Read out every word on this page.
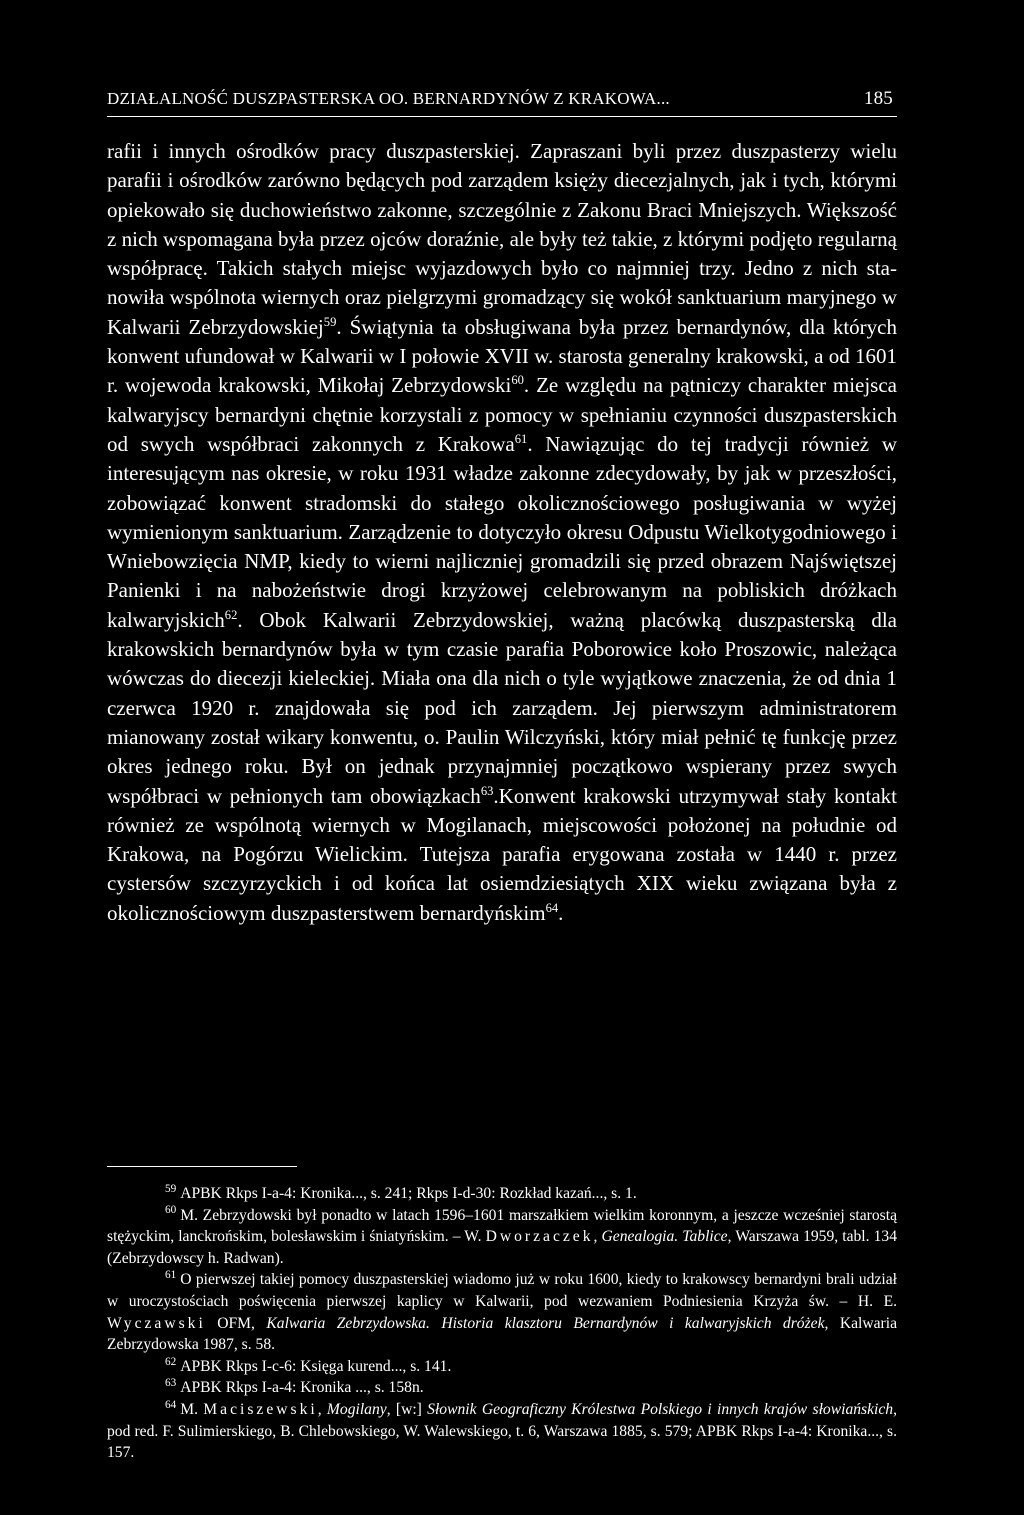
DZIAŁALNOŚĆ DUSZPASTERSKA OO. BERNARDYNÓW Z KRAKOWA...	185

rafii i innych ośrodków pracy duszpasterskiej. Zapraszani byli przez duszpasterzy wielu parafii i ośrodków zarówno będących pod zarządem księży diecezjalnych, jak i tych, którymi opiekowało się duchowieństwo zakonne, szczególnie z Zakonu Braci Mniejszych. Większość z nich wspomagana była przez ojców doraźnie, ale były też takie, z którymi podjęto regularną współpracę. Takich stałych miejsc wyjazdowych było co najmniej trzy. Jedno z nich stanowiła wspólnota wiernych oraz pielgrzymi gromadzący się wokół sanktuarium maryjnego w Kalwarii Zebrzydowskiej$^{59}$. Świątynia ta obsługiwana była przez bernardynów, dla których konwent ufundował w Kalwarii w I połowie XVII w. starosta generalny krakowski, a od 1601 r. wojewoda krakowski, Mikołaj Zebrzydowski$^{60}$. Ze względu na pątniczy charakter miejsca kalwaryjscy bernardyni chętnie korzystali z pomocy w spełnianiu czynności duszpasterskich od swych współbraci zakonnych z Krakowa$^{61}$. Nawiązując do tej tradycji również w interesującym nas okresie, w roku 1931 władze zakonne zdecydowały, by jak w przeszłości, zobowiązać konwent stradomski do stałego okolicznościowego posługiwania w wyżej wymienionym sanktuarium. Zarządzenie to dotyczyło okresu Odpustu Wielkotygodniowego i Wniebowzięcia NMP, kiedy to wierni najliczniej gromadzili się przed obrazem Najświętszej Panienki i na nabożeństwie drogi krzyżowej celebrowanym na pobliskich dróżkach kalwaryjskich$^{62}$. Obok Kalwarii Zebrzydowskiej, ważną placówką duszpasterską dla krakowskich bernardynów była w tym czasie parafia Poborowice koło Proszowic, należąca wówczas do diecezji kieleckiej. Miała ona dla nich o tyle wyjątkowe znaczenia, że od dnia 1 czerwca 1920 r. znajdowała się pod ich zarządem. Jej pierwszym administratorem mianowany został wikary konwentu, o. Paulin Wilczyński, który miał pełnić tę funkcję przez okres jednego roku. Był on jednak przynajmniej początkowo wspierany przez swych współbraci w pełnionych tam obowiązkach$^{63}$.Konwent krakowski utrzymywał stały kontakt również ze wspólnotą wiernych w Mogilanach, miejscowości położonej na południe od Krakowa, na Pogórzu Wielickim. Tutejsza parafia erygowana została w 1440 r. przez cystersów szczyrzyckich i od końca lat osiemdziesiątych XIX wieku związana była z okolicznościowym duszpasterstwem bernardyńskim$^{64}$.

$^{59}$ APBK Rkps I-a-4: Kronika..., s. 241; Rkps I-d-30: Rozkład kazań..., s. 1.

$^{60}$ M. Zebrzydowski był ponadto w latach 1596–1601 marszałkiem wielkim koronnym, a jeszcze wcześniej starostą stężyckim, lanckrońskim, bolesławskim i śniatyńskim. – W. Dworzaczek, Genealogia. Tablice, Warszawa 1959, tabl. 134 (Zebrzydowscy h. Radwan).

$^{61}$ O pierwszej takiej pomocy duszpasterskiej wiadomo już w roku 1600, kiedy to krakowscy bernardyni brali udział w uroczystościach poświęcenia pierwszej kaplicy w Kalwarii, pod wezwaniem Podniesienia Krzyża św. – H. E. Wyczawski OFM, Kalwaria Zebrzydowska. Historia klasztoru Bernardynów i kalwaryjskich dróżek, Kalwaria Zebrzydowska 1987, s. 58.

$^{62}$ APBK Rkps I-c-6: Księga kurend..., s. 141.

$^{63}$ APBK Rkps I-a-4: Kronika ..., s. 158n.

$^{64}$ M. Maciszewski, Mogilany, [w:] Słownik Geograficzny Królestwa Polskiego i innych krajów słowiańskich, pod red. F. Sulimierskiego, B. Chlebowskiego, W. Walewskiego, t. 6, Warszawa 1885, s. 579; APBK Rkps I-a-4: Kronika..., s. 157.
